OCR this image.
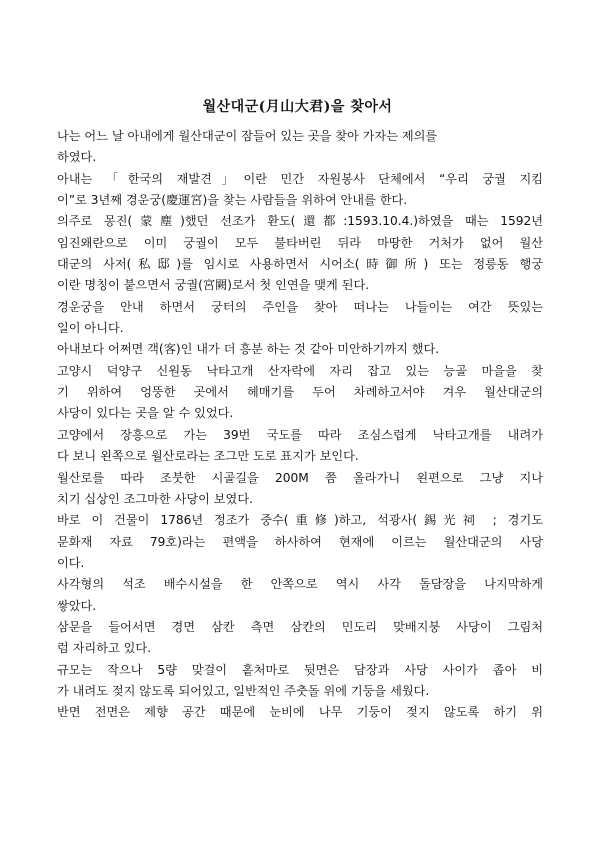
월산대군(月山大君)을 찾아서

나는 어느 날 아내에게 월산대군이 잠들어 있는 곳을 찾아 가자는 제의를

하였다.

아내는 「한국의 재발견」이란 민간 자원봉사 단체에서 “우리 궁궐 지킴

이”로 3년째 경운궁(慶運宮)을 찾는 사람들을 위하여 안내를 한다.

의주로 몽진(蒙塵)했던 선조가 환도(還都:1593.10.4.)하였을 때는 1592년

임진왜란으로 이미 궁궐이 모두 불타버린 뒤라 마땅한 거처가 없어 월산

대군의 사저(私邸)를 임시로 사용하면서 시어소(時御所) 또는 정릉동 행궁

이란 명칭이 붙으면서 궁궐(宮闕)로서 첫 인연을 맺게 된다.

경운궁을 안내 하면서 궁터의 주인을 찾아 떠나는 나들이는 여간 뜻있는

일이 아니다.

아내보다 어쩌면 객(客)인 내가 더 흥분 하는 것 같아 미안하기까지 했다.

고양시 덕양구 신원동 낙타고개 산자락에 자리 잡고 있는 능골 마을을 찾

기 위하여 엉뚱한 곳에서 헤매기를 두어 차례하고서야 겨우 월산대군의

사당이 있다는 곳을 알 수 있었다.

고양에서 장흥으로 가는 39번 국도를 따라 조심스럽게 낙타고개를 내려가

다 보니 왼쪽으로 월산로라는 조그만 도로 표지가 보인다.

월산로를 따라 조붓한 시골길을 200M 쯤 올라가니 왼편으로 그냥 지나

치기 십상인 조그마한 사당이 보였다.

바로 이 건물이 1786년 정조가 중수(重修)하고, 석광사(錫光祠 ; 경기도

문화재 자료 79호)라는 편액을 하사하여 현재에 이르는 월산대군의 사당

이다.

사각형의 석조 배수시설을 한 안쪽으로 역시 사각 돌담장을 나지막하게

쌓았다.

삼문을 들어서면 경면 삼칸 측면 삼칸의 민도리 맞배지붕 사당이 그림처

럼 자리하고 있다.

규모는 작으나 5량 맞걸이 홑처마로 뒷면은 담장과 사당 사이가 좁아 비

가 내려도 젖지 않도록 되어있고, 일반적인 주춧돌 위에 기둥을 세웠다.

반면 전면은 제향 공간 때문에 눈비에 나무 기둥이 젖지 않도록 하기 위
